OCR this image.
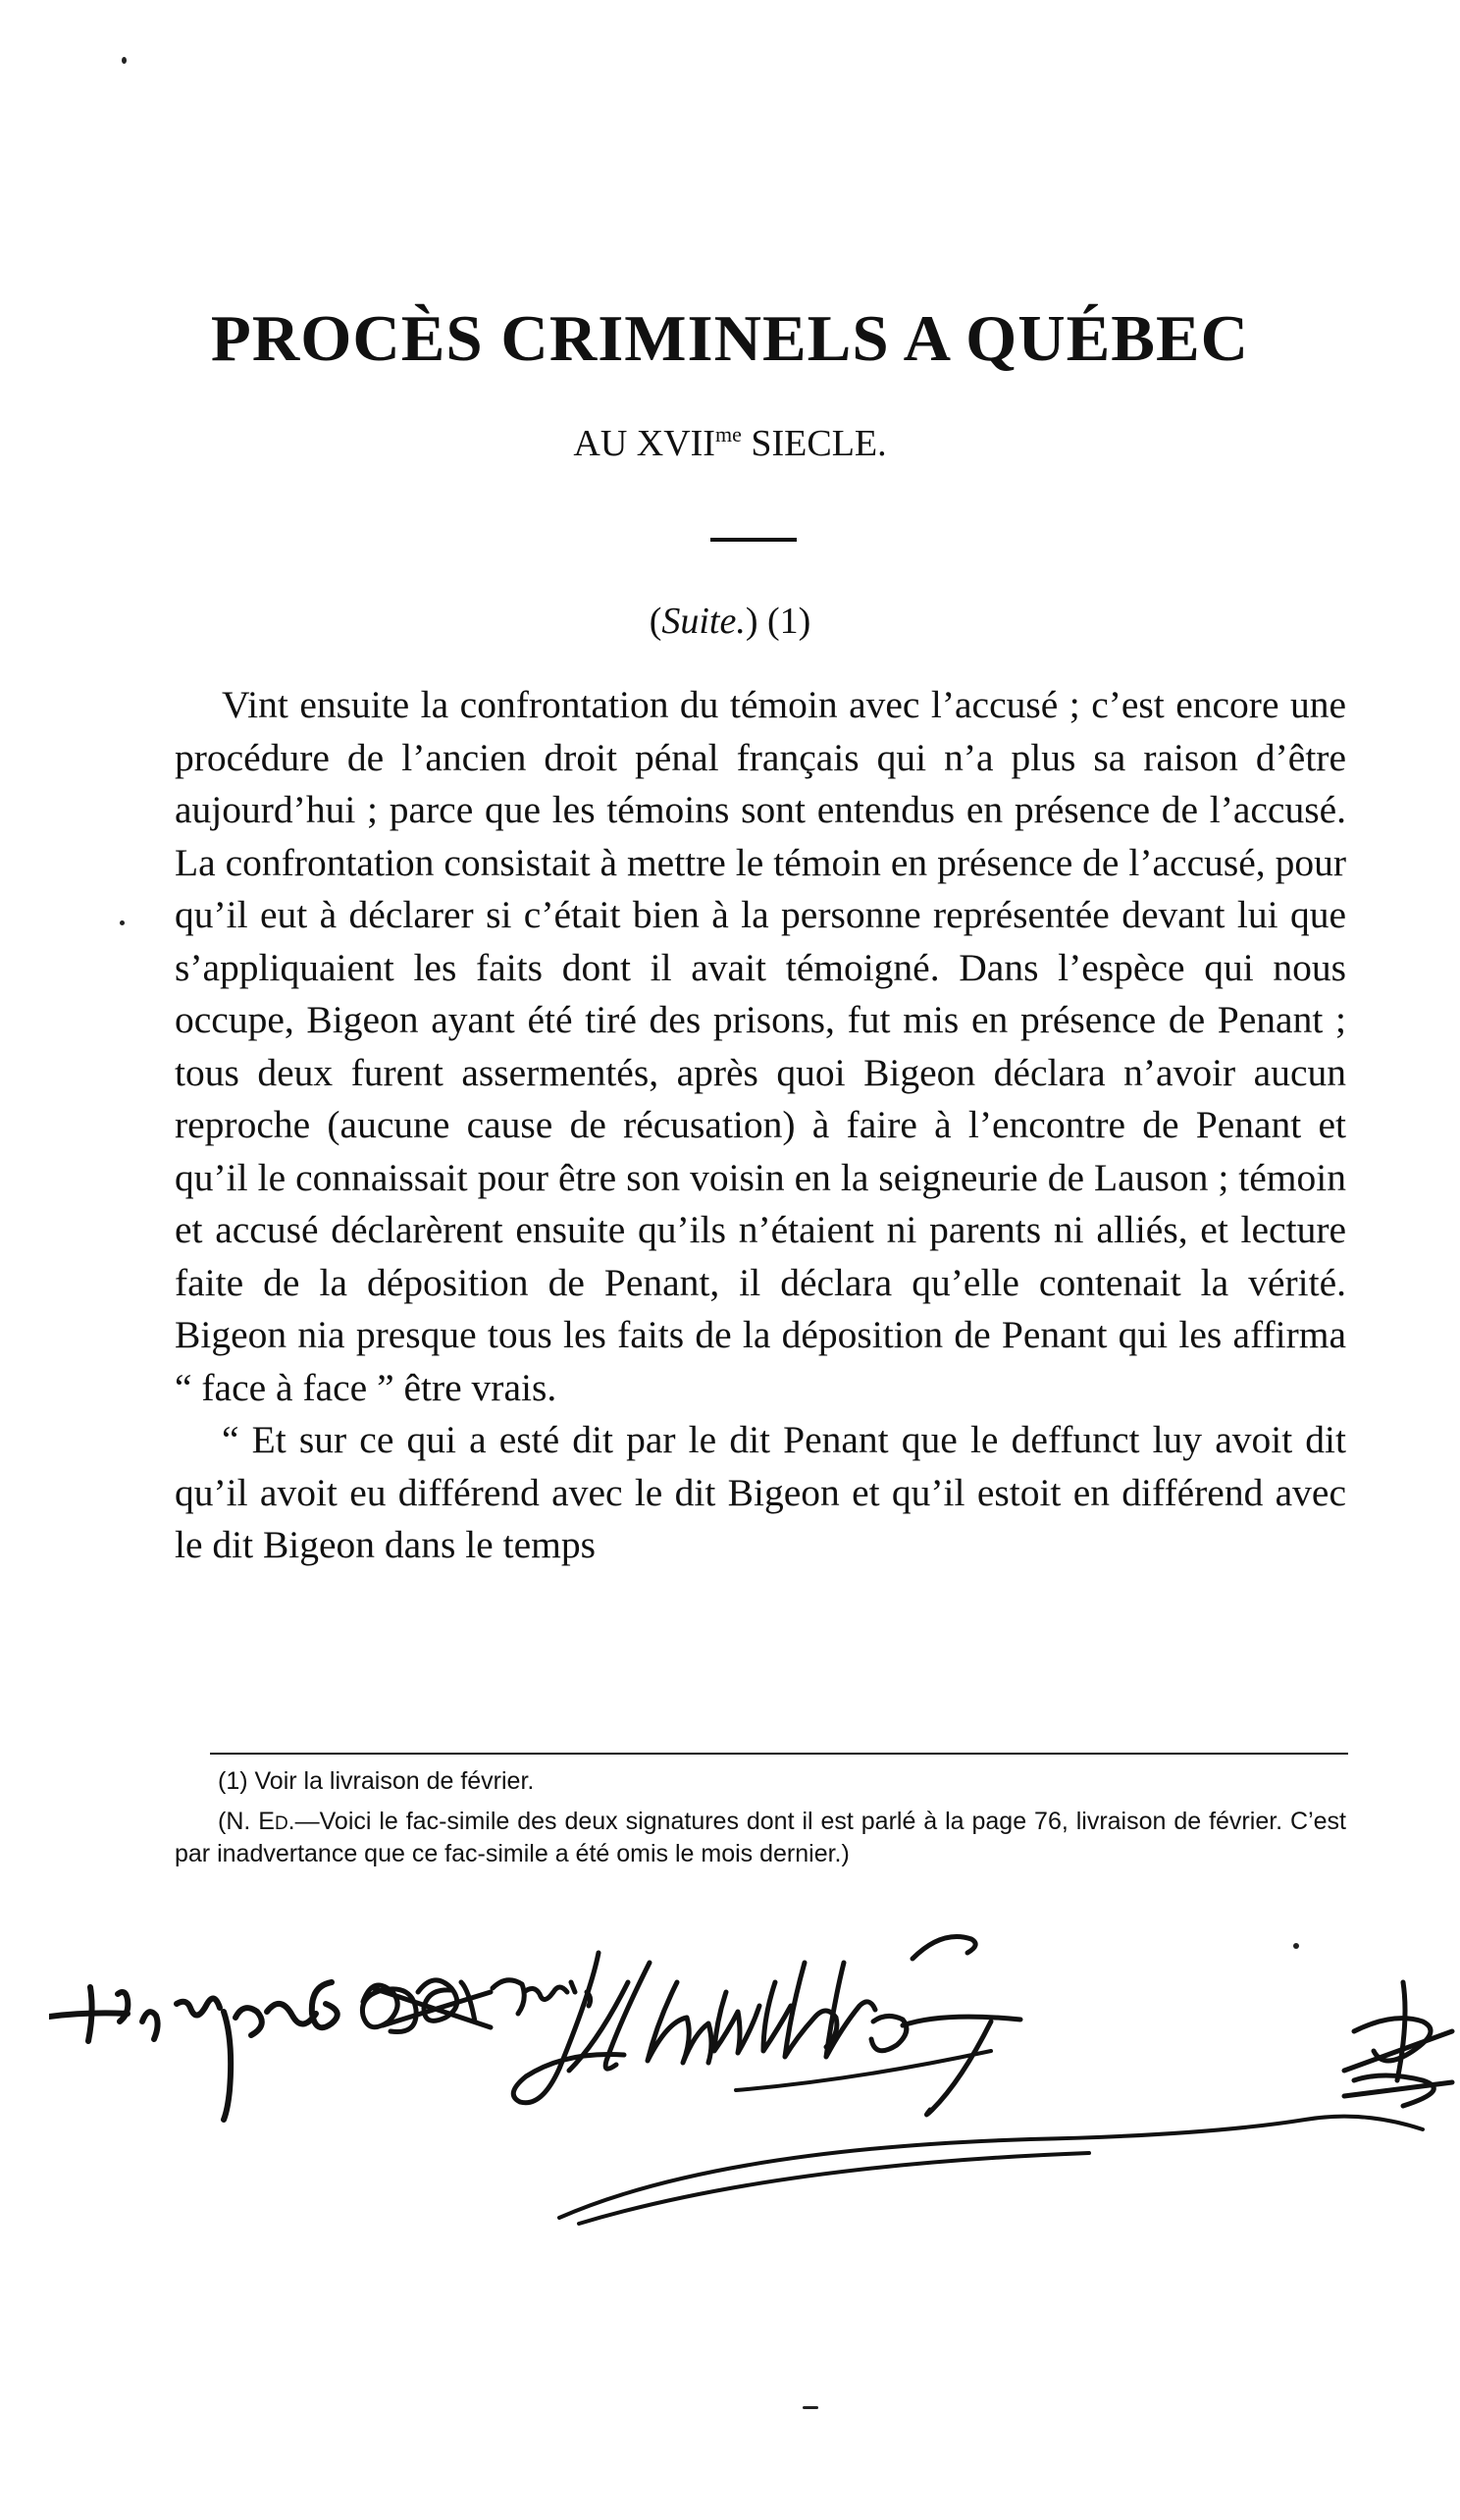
PROCÈS CRIMINELS A QUÉBEC
AU $XVII^{me}$ SIECLE.
(Suite.) (1)

Vint ensuite la confrontation du témoin avec l’accusé ; c’est encore une procédure de l’ancien droit pénal français qui n’a plus sa raison d’être aujourd’hui ; parce que les témoins sont entendus en présence de l’accusé. La confrontation consistait à mettre le témoin en présence de l’accusé, pour qu’il eut à déclarer si c’était bien à la personne représentée devant lui que s’appliquaient les faits dont il avait témoigné. Dans l’espèce qui nous occupe, Bigeon ayant été tiré des prisons, fut mis en présence de Penant ; tous deux furent assermentés, après quoi Bigeon déclara n’avoir aucun reproche (aucune cause de récusation) à faire à l’encontre de Penant et qu’il le connaissait pour être son voisin en la seigneurie de Lauson ; témoin et accusé déclarèrent ensuite qu’ils n’étaient ni parents ni alliés, et lecture faite de la déposition de Penant, il déclara qu’elle contenait la vérité. Bigeon nia presque tous les faits de la déposition de Penant qui les affirma “ face à face ” être vrais.

“ Et sur ce qui a esté dit par le dit Penant que le deffunct luy avoit dit qu’il avoit eu différend avec le dit Bigeon et qu’il estoit en différend avec le dit Bigeon dans le temps

(1) Voir la livraison de février.

(N. ED.—Voici le fac-simile des deux signatures dont il est parlé à la page 76, livraison de février. C’est par inadvertance que ce fac-simile a été omis le mois dernier.)
